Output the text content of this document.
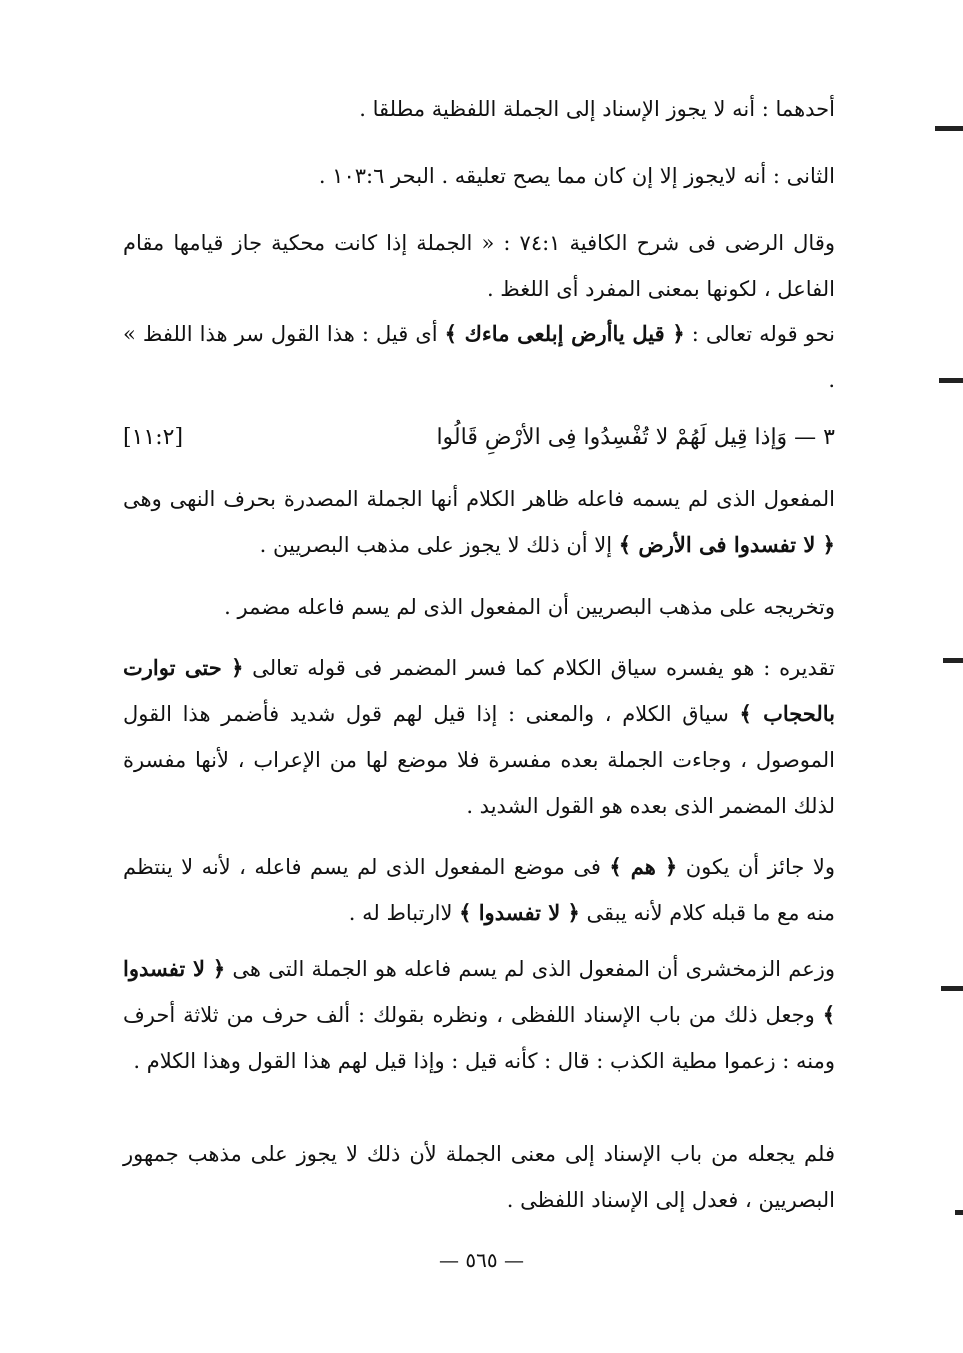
أحدهما : أنه لا يجوز الإسناد إلى الجملة اللفظية مطلقا .
الثانى : أنه لايجوز إلا إن كان مما يصح تعليقه . البحر ١٠٣:٦ .
وقال الرضى فى شرح الكافية ٧٤:١ : « الجملة إذا كانت محكية جاز قيامها مقام الفاعل ، لكونها بمعنى المفرد أى اللغظ .
نحو قوله تعالى : ﴿ قيل ياأرض إبلعى ماءك ﴾ أى قيل : هذا القول سر هذا اللفظ » .
٣ — وَإذا قِيل لَهُمْ لا تُفْسِدُوا فِى الأرْضِ قَالُوا
[١١:٢]
المفعول الذى لم يسمه فاعله ظاهر الكلام أنها الجملة المصدرة بحرف النهى وهى ﴿ لا تفسدوا فى الأرض ﴾ إلا أن ذلك لا يجوز على مذهب البصريين .
وتخريجه على مذهب البصريين أن المفعول الذى لم يسم فاعله مضمر .
تقديره : هو يفسره سياق الكلام كما فسر المضمر فى قوله تعالى ﴿ حتى توارت بالحجاب ﴾ سياق الكلام ، والمعنى : إذا قيل لهم قول شديد فأضمر هذا القول الموصول ، وجاءت الجملة بعده مفسرة فلا موضع لها من الإعراب ، لأنها مفسرة لذلك المضمر الذى بعده هو القول الشديد .
ولا جائز أن يكون ﴿ هم ﴾ فى موضع المفعول الذى لم يسم فاعله ، لأنه لا ينتظم منه مع ما قبله كلام لأنه يبقى ﴿ لا تفسدوا ﴾ لاارتباط له .
وزعم الزمخشرى أن المفعول الذى لم يسم فاعله هو الجملة التى هى ﴿ لا تفسدوا ﴾ وجعل ذلك من باب الإسناد اللفظى ، ونظره بقولك : ألف حرف من ثلاثة أحرف ومنه : زعموا مطية الكذب : قال : كأنه قيل : وإذا قيل لهم هذا القول وهذا الكلام .
فلم يجعله من باب الإسناد إلى معنى الجملة لأن ذلك لا يجوز على مذهب جمهور البصريين ، فعدل إلى الإسناد اللفظى .
— ٥٦٥ —
